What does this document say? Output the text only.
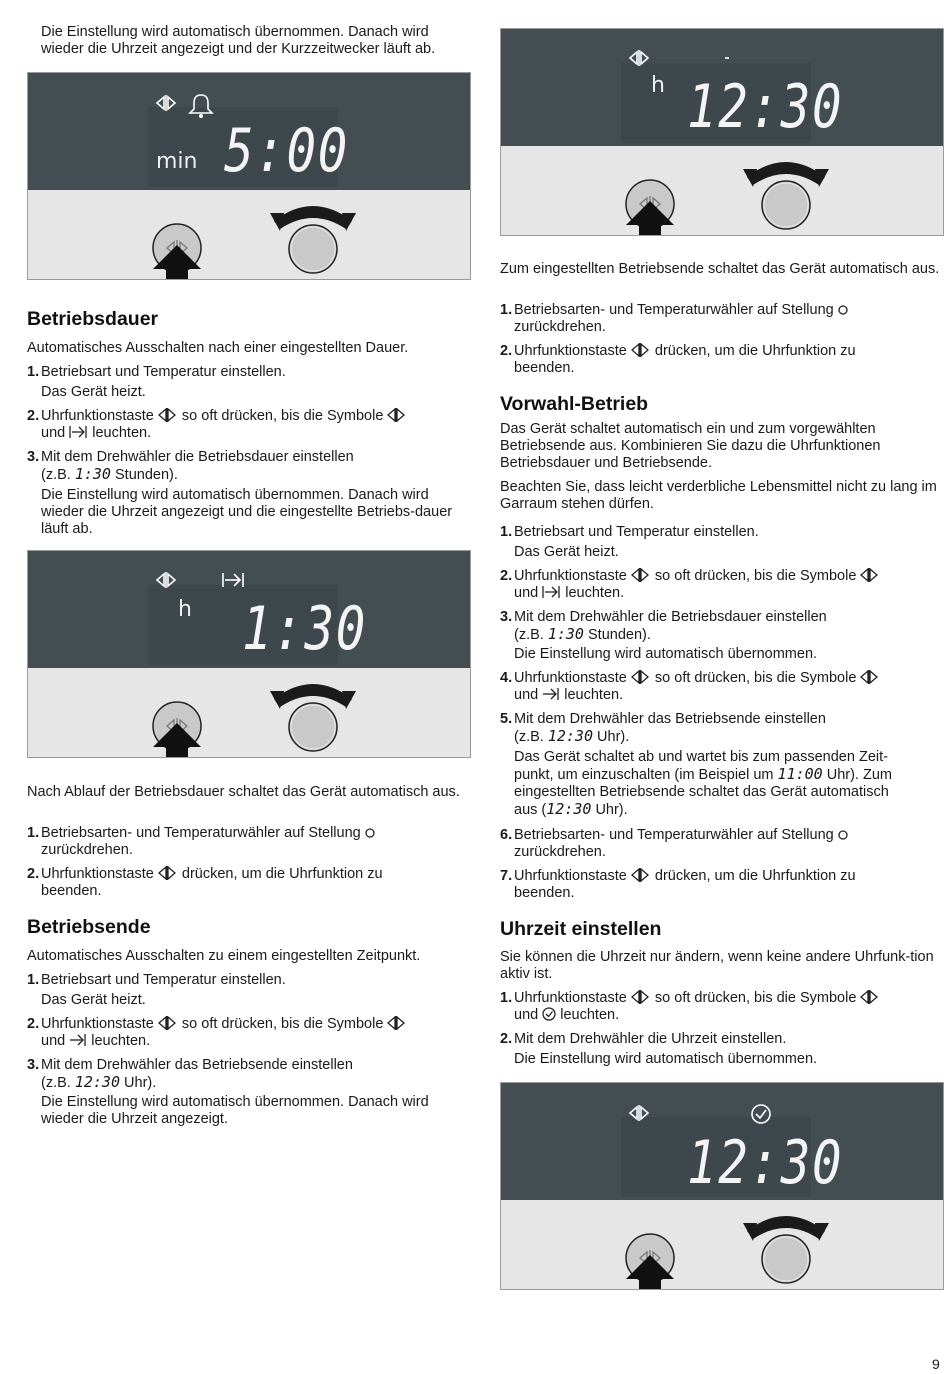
Die Einstellung wird automatisch übernommen. Danach wird wieder die Uhrzeit angezeigt und der Kurzzeitwecker läuft ab.
min 5:00
Betriebsdauer
Automatisches Ausschalten nach einer eingestellten Dauer.
1. Betriebsart und Temperatur einstellen.
Das Gerät heizt.
2. Uhrfunktionstaste so oft drücken, bis die Symbole
und leuchten.
3. Mit dem Drehwähler die Betriebsdauer einstellen
(z.B. 1:30 Stunden).
Die Einstellung wird automatisch übernommen. Danach wird wieder die Uhrzeit angezeigt und die eingestellte Betriebs-dauer läuft ab.
h 1:30
Nach Ablauf der Betriebsdauer schaltet das Gerät automatisch aus.
1. Betriebsarten- und Temperaturwähler auf Stellung
zurückdrehen.
2. Uhrfunktionstaste drücken, um die Uhrfunktion zu
beenden.
Betriebsende
Automatisches Ausschalten zu einem eingestellten Zeitpunkt.
1. Betriebsart und Temperatur einstellen.
Das Gerät heizt.
2. Uhrfunktionstaste so oft drücken, bis die Symbole
und leuchten.
3. Mit dem Drehwähler das Betriebsende einstellen
(z.B. 12:30 Uhr).
Die Einstellung wird automatisch übernommen. Danach wird wieder die Uhrzeit angezeigt.
h 12:30
Zum eingestellten Betriebsende schaltet das Gerät automatisch aus.
1. Betriebsarten- und Temperaturwähler auf Stellung
zurückdrehen.
2. Uhrfunktionstaste drücken, um die Uhrfunktion zu
beenden.
Vorwahl-Betrieb
Das Gerät schaltet automatisch ein und zum vorgewählten Betriebsende aus. Kombinieren Sie dazu die Uhrfunktionen Betriebsdauer und Betriebsende.
Beachten Sie, dass leicht verderbliche Lebensmittel nicht zu lang im Garraum stehen dürfen.
1. Betriebsart und Temperatur einstellen.
Das Gerät heizt.
2. Uhrfunktionstaste so oft drücken, bis die Symbole
und leuchten.
3. Mit dem Drehwähler die Betriebsdauer einstellen
(z.B. 1:30 Stunden).
Die Einstellung wird automatisch übernommen.
4. Uhrfunktionstaste so oft drücken, bis die Symbole
und leuchten.
5. Mit dem Drehwähler das Betriebsende einstellen
(z.B. 12:30 Uhr).
Das Gerät schaltet ab und wartet bis zum passenden Zeit-
punkt, um einzuschalten (im Beispiel um 11:00 Uhr). Zum
eingestellten Betriebsende schaltet das Gerät automatisch
aus (12:30 Uhr).
6. Betriebsarten- und Temperaturwähler auf Stellung
zurückdrehen.
7. Uhrfunktionstaste drücken, um die Uhrfunktion zu
beenden.
Uhrzeit einstellen
Sie können die Uhrzeit nur ändern, wenn keine andere Uhrfunk-tion aktiv ist.
1. Uhrfunktionstaste so oft drücken, bis die Symbole
und leuchten.
2. Mit dem Drehwähler die Uhrzeit einstellen.
Die Einstellung wird automatisch übernommen.
12:30
9
